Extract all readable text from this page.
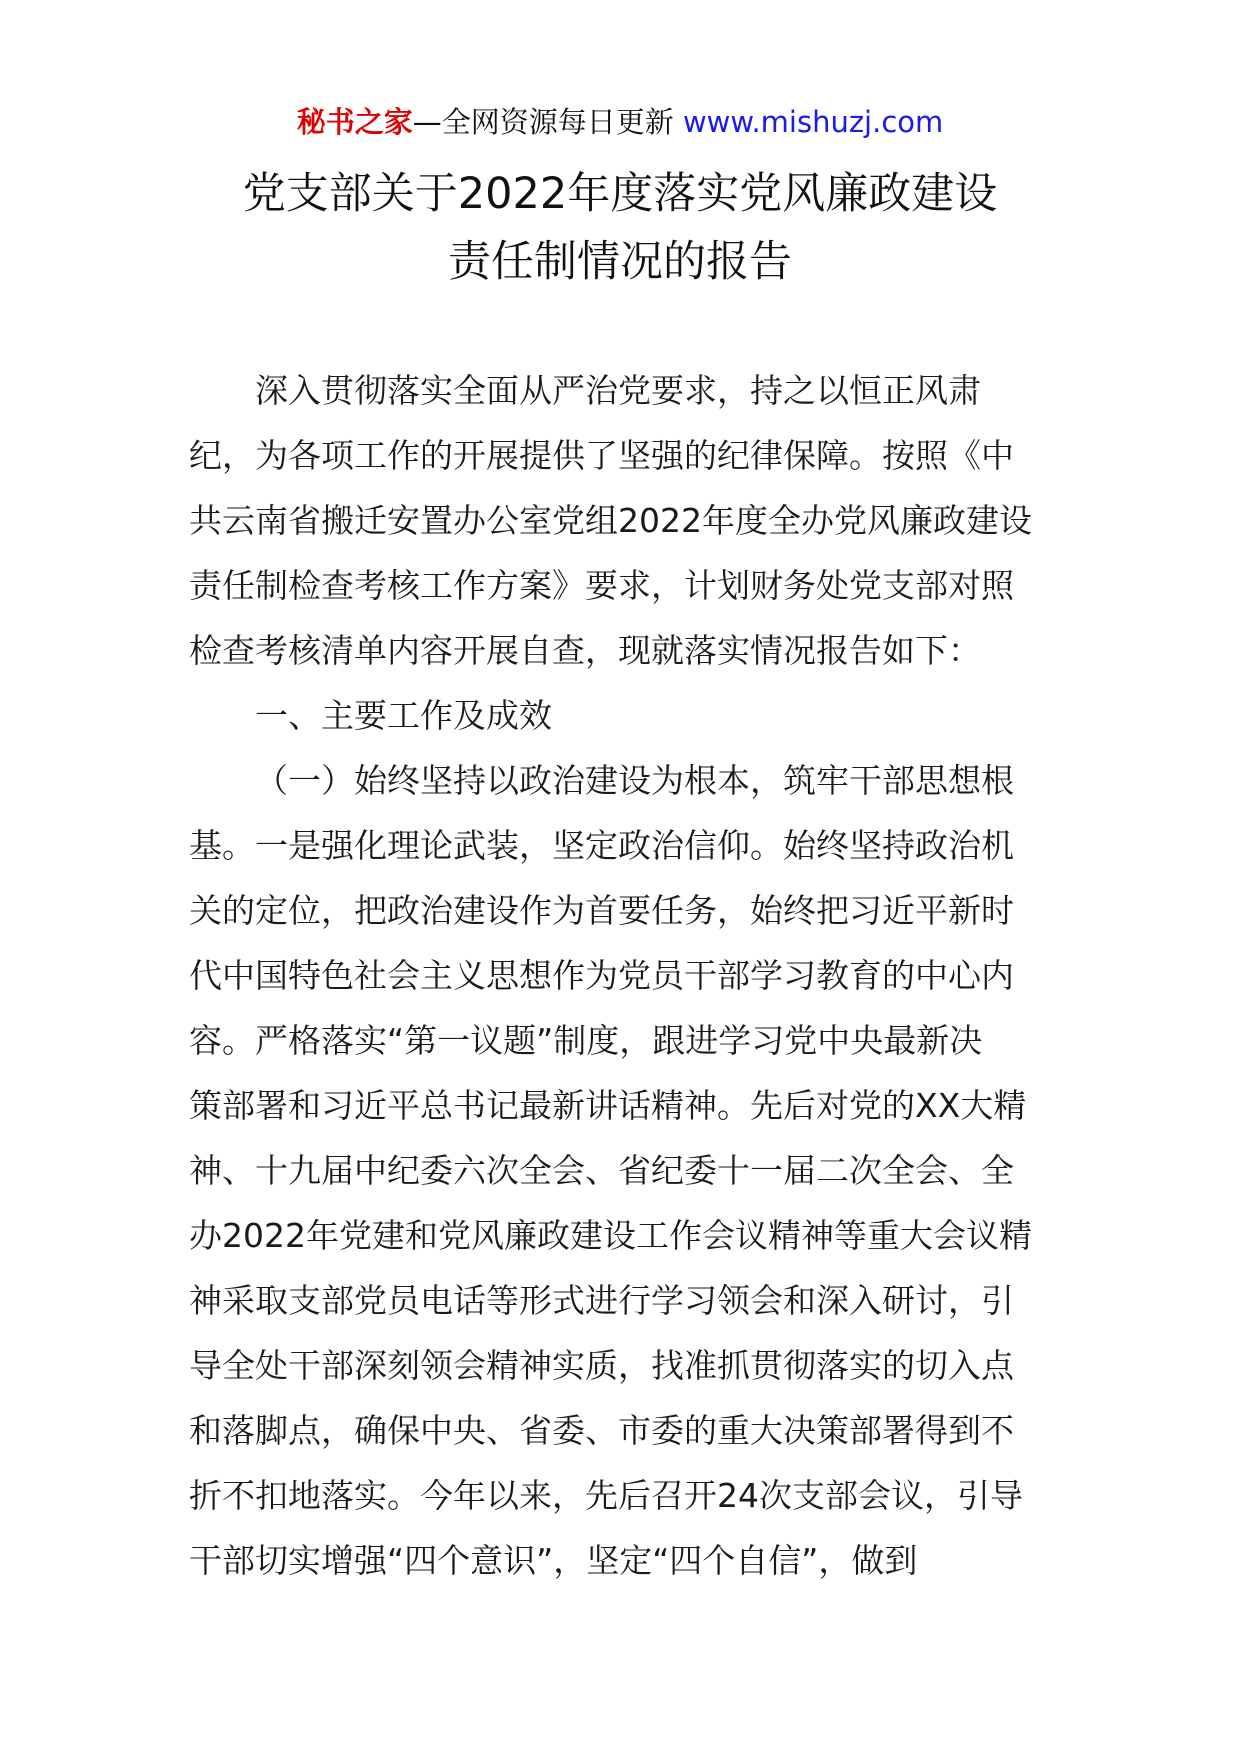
秘书之家—全网资源每日更新 www.mishuzj.com
党支部关于2022年度落实党风廉政建设
责任制情况的报告
深入贯彻落实全面从严治党要求，持之以恒正风肃
纪，为各项工作的开展提供了坚强的纪律保障。按照《中
共云南省搬迁安置办公室党组2022年度全办党风廉政建设
责任制检查考核工作方案》要求，计划财务处党支部对照
检查考核清单内容开展自查，现就落实情况报告如下：
一、主要工作及成效
（一）始终坚持以政治建设为根本，筑牢干部思想根
基。一是强化理论武装，坚定政治信仰。始终坚持政治机
关的定位，把政治建设作为首要任务，始终把习近平新时
代中国特色社会主义思想作为党员干部学习教育的中心内
容。严格落实“第一议题”制度，跟进学习党中央最新决
策部署和习近平总书记最新讲话精神。先后对党的XX大精
神、十九届中纪委六次全会、省纪委十一届二次全会、全
办2022年党建和党风廉政建设工作会议精神等重大会议精
神采取支部党员电话等形式进行学习领会和深入研讨，引
导全处干部深刻领会精神实质，找准抓贯彻落实的切入点
和落脚点，确保中央、省委、市委的重大决策部署得到不
折不扣地落实。今年以来，先后召开24次支部会议，引导
干部切实增强“四个意识”，坚定“四个自信”，做到
